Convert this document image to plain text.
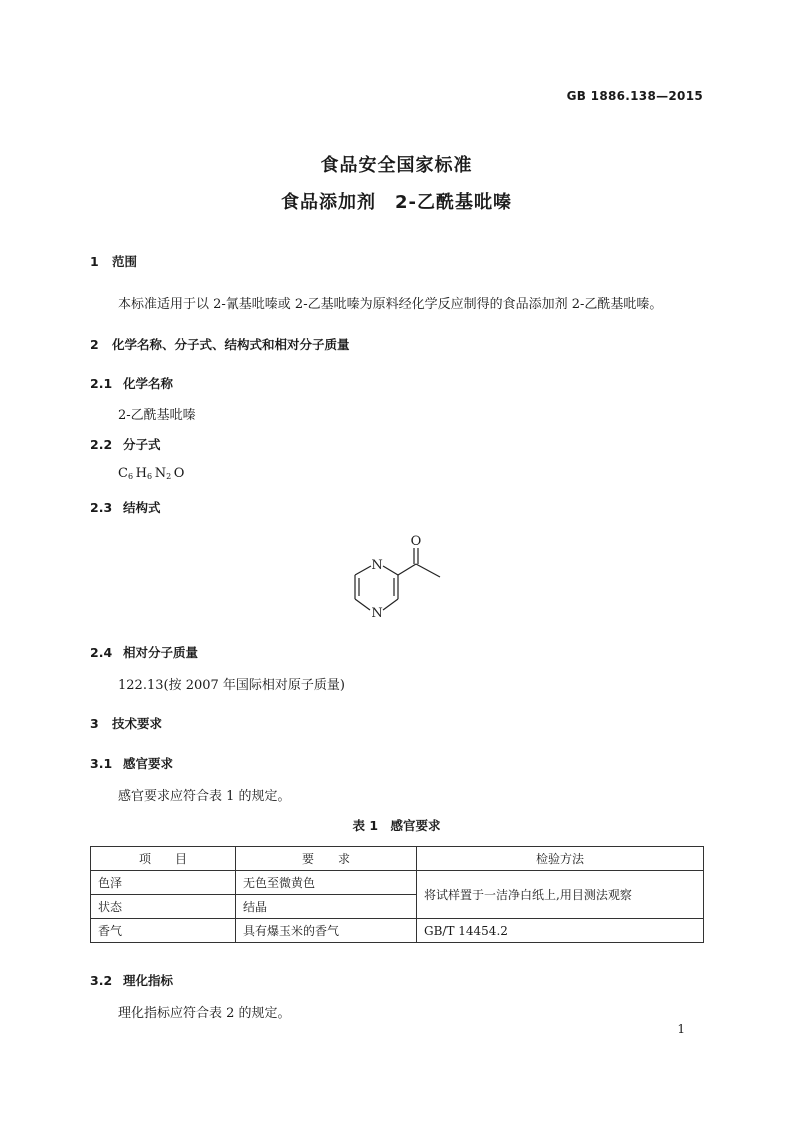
GB 1886.138—2015
食品安全国家标准
食品添加剂　2-乙酰基吡嗪
1 范围
本标准适用于以 2-氰基吡嗪或 2-乙基吡嗪为原料经化学反应制得的食品添加剂 2-乙酰基吡嗪。
2 化学名称、分子式、结构式和相对分子质量
2.1 化学名称
2-乙酰基吡嗪
2.2 分子式
$C_6$  $H_6$  $N_2$  O
2.3 结构式
N
N
O
2.4 相对分子质量
122.13(按 2007 年国际相对原子质量)
3 技术要求
3.1 感官要求
感官要求应符合表 1 的规定。
表 1　感官要求
项　　目	要　　求	检验方法
色泽	无色至微黄色	将试样置于一洁净白纸上,用目测法观察
状态	结晶	
香气	具有爆玉米的香气	GB/T 14454.2
3.2 理化指标
理化指标应符合表 2 的规定。
1
